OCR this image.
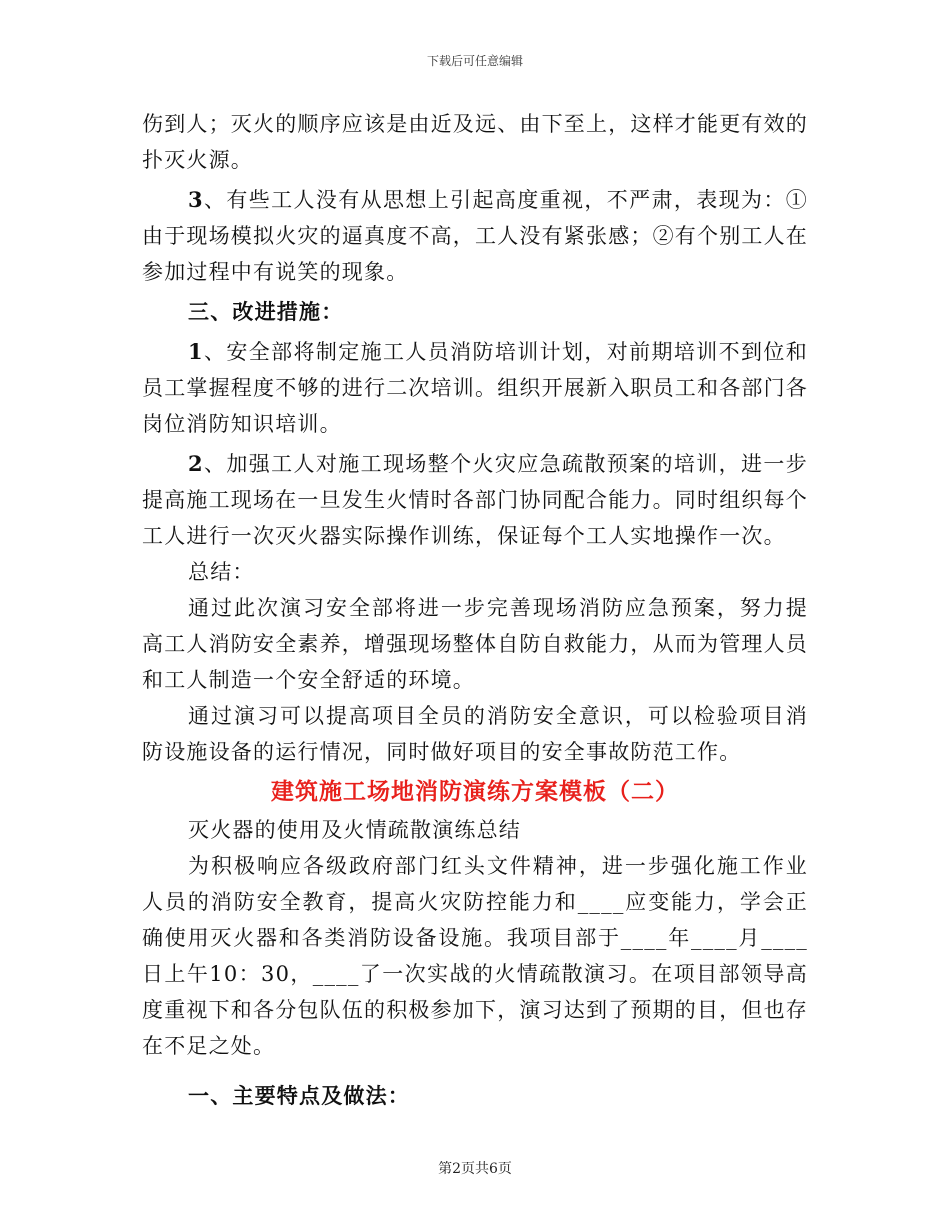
下载后可任意编辑

伤到人；灭火的顺序应该是由近及远、由下至上，这样才能更有效的扑灭火源。

3、有些工人没有从思想上引起高度重视，不严肃，表现为：①由于现场模拟火灾的逼真度不高，工人没有紧张感；②有个别工人在参加过程中有说笑的现象。

三、改进措施：

1、安全部将制定施工人员消防培训计划，对前期培训不到位和员工掌握程度不够的进行二次培训。组织开展新入职员工和各部门各岗位消防知识培训。

2、加强工人对施工现场整个火灾应急疏散预案的培训，进一步提高施工现场在一旦发生火情时各部门协同配合能力。同时组织每个工人进行一次灭火器实际操作训练，保证每个工人实地操作一次。

总结：

通过此次演习安全部将进一步完善现场消防应急预案，努力提高工人消防安全素养，增强现场整体自防自救能力，从而为管理人员和工人制造一个安全舒适的环境。

通过演习可以提高项目全员的消防安全意识，可以检验项目消防设施设备的运行情况，同时做好项目的安全事故防范工作。

建筑施工场地消防演练方案模板（二）

灭火器的使用及火情疏散演练总结

为积极响应各级政府部门红头文件精神，进一步强化施工作业人员的消防安全教育，提高火灾防控能力和____应变能力，学会正确使用灭火器和各类消防设备设施。我项目部于____年____月____日上午10：30，____了一次实战的火情疏散演习。在项目部领导高度重视下和各分包队伍的积极参加下，演习达到了预期的目，但也存在不足之处。

一、主要特点及做法：

第2页共6页
